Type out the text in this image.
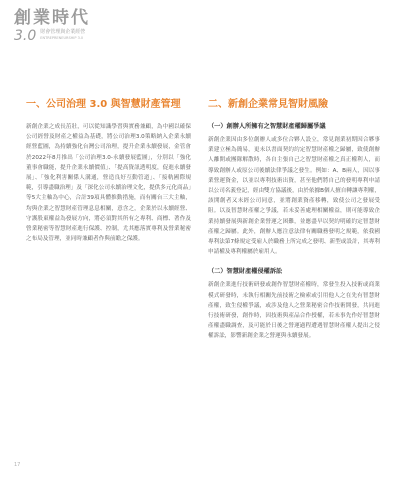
創業時代
3.0 財會管理與企業經營
ENTREPRENEURSHIP 3.0
一、公司治理 3.0 與智慧財產管理
新創企業之成長茁壯，可以從知識學習與實務兼顧，為中國以確保公司經營及財產之權益為基礎，將公司治理3.0策略納入企業永續經營藍圖，為持續強化台灣公司治理，提升企業永續發展，金管會於2022年8月推出「公司治理3.0-永續發展藍圖」，分別以「強化董事會職能，提升企業永續價值」、「提高資訊透明度，促進永續發展」、「強化利害關係人溝通，營造良好互動管道」、「接軌國際規範，引導盡職治理」及「深化公司永續治理文化，提供多元化商品」等5大主軸為中心，合計39項具體推動措施，而有關台三大主軸，均與企業之智慧財產管理息息相關，意含之，企業於以永續經營、守護股東權益為發展方向，將必須對其所有之專利、商標、著作及營業秘密等智慧財產進行保護、控制，尤其應落實專利及營業秘密之布局及管理，並同時兼顧者作與前瞻之保護。
二、新創企業常見智財風險
（一）創辦人所擁有之智慧財產權歸屬爭議
新創企業因由多位創辦人或多位合夥人設立，常見創業初期因合夥事業建立極為簡易，更未以書面契約約定智慧財產權之歸屬，致使創辦人離開或團隊解散時，各自主張自己之智慧財產權之真正權利人，而導致創辦人或原公司後續法律爭議之發生。例如：A、B兩人，因以事業營運資金，以並以專利技術出資，甚至他們將自己的發明專利申請以公司名義登記，經由雙方協議後，由於依據B個人擅自轉讓專利權，該開創者又未經公司同意，並將創業資產移轉，致使公司之發展受阻。以及智慧財產權之爭議，若未妥善處理相關權益，則可能導致企業持續發展與新創企業營運之困難，並應盡早以契約明確約定智慧財產權之歸屬。此外，創辦人應注意法律有關職務發明之規範，依我國專利法第7條規定受雇人於職務上所完成之發明、新型或設計，其專利申請權及專利權屬於雇用人。
（二）智慧財產權侵權訴訟
新創企業進行技術研發或創作智慧財產權時，常發生投入技術或商業模式研發時，未執行相關先前技術之檢索或引用他人之在先有智慧財產權，致生侵權爭議，或涉及他人之營業秘密合作技術開發，共同進行技術研發，創作時，因技術與產品合作授權，若未事先作好智慧財產權盡職調查，及可能於日後之營運過程遭遇智慧財產權人提出之侵權訴訟，影響新創企業之營運與永續發展。
17
